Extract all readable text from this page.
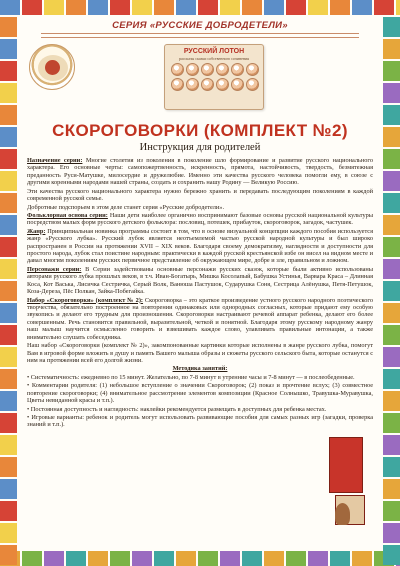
СЕРИЯ «РУССКИЕ ДОБРОДЕТЕЛИ»
РУССКИЙ ЛОТОН
рассказы сказки собственного сочинения
СКОРОГОВОРКИ (КОМПЛЕКТ №2)
Инструкция для родителей

Назначение серии: Многие столетия из поколения в поколение шло формирование и развитие русского национального характера. Его основные черты: самопожертвенность, искренность, прямота, настойчивость, твердость, безмятежная преданность Руси-Матушке, милосердие и дружелюбие. Именно эти качества русского человека помогли ему, в союзе с другими коренными народами нашей страны, создать и сохранить нашу Родину — Великую Россию.

Эти качества русского национального характера нужно бережно хранить и передавать последующим поколениям в каждой современной русской семье.

Добротные подспорьем в этом деле станет серия «Русские добродетели».

Фольклорная основа серии: Наши дети наиболее органично воспринимают базовые основы русской национальной культуры посредством малых форм русского детского фольклора: пословиц, потешек, прибауток, скороговорок, загадок, частушек.

Жанр: Принципиальная новинка программы состоит в том, что в основе визуальной концепции каждого пособия используется жанр «Русского лубка». Русский лубок является неотъемлемой частью русской народной культуры и был широко распространен в России на протяжении XVII – XIX веков. Благодаря своему демократизму, наглядности и доступности для простого народа, лубок стал поистине народным: практически в каждой русской крестьянской избе он висел на видном месте и давал многим поколениям русских первичное представление об окружающем мире, добре и зле, правильном и ложном.

Персонажи серии: В Серии задействованы основные персонажи русских сказок, которые были активно использованы авторами русского лубка прошлых веков, в т.ч. Иван-Богатырь, Мишка Косолапый, Бабушка Устинья, Варвара Краса – Длинная Коса, Кот Васька, Лисичка Сестричка, Серый Волк, Ванюша Пастушок, Сударушка Соня, Сестрица Алёнушка, Петя-Петушок, Коза-Дереза, Пёс Полкан, Зайка-Побегайка.

Набор «Скороговорки» (комплект № 2): Скороговорка – это краткое произведение устного русского народного поэтического творчества, обязательно построенное на повторении одинаковых или однородных согласных, которые придают ему особую звукопись и делают его трудным для произношения. Скороговорки настраивают речевой аппарат ребенка, делают его более совершенным. Речь становится правильной, выразительной, четкой и понятной. Благодаря этому русскому народному жанру наш малыш научится осмысленно говорить и взвешивать каждое слово, улавливать правильные интонации, а также внимательно слушать собеседника.

Наш набор «Скороговорки (комплект № 2)», закомпонованные картинки которые исполнены в жанре русского лубка, помогут Вам в игровой форме вложить в душу и память Вашего малыша образы и сюжеты русского сельского быта, которые останутся с ним на протяжении всей его долгой жизни.

Методика занятий:

• Систематичность: ежедневно по 15 минут. Желательно, по 7-8 минут в утренние часы и 7-8 минут — в послеобеденные.

• Комментарии родителя: (1) небольшое вступление о значении Скороговорок; (2) показ и прочтение вслух; (3) совместное повторение скороговорки; (4) внимательное рассмотрение элементов композиции (Красное Солнышко, Травушка-Муравушка, Цветы невиданной красы и т.п.).

• Постоянная доступность и наглядность: наклейки рекомендуется размещать в доступных для ребенка местах.

• Игровые варианты: ребенок и родитель могут использовать развивающие пособия для самых разных игр (загадки, проверка знаний и т.п.).
